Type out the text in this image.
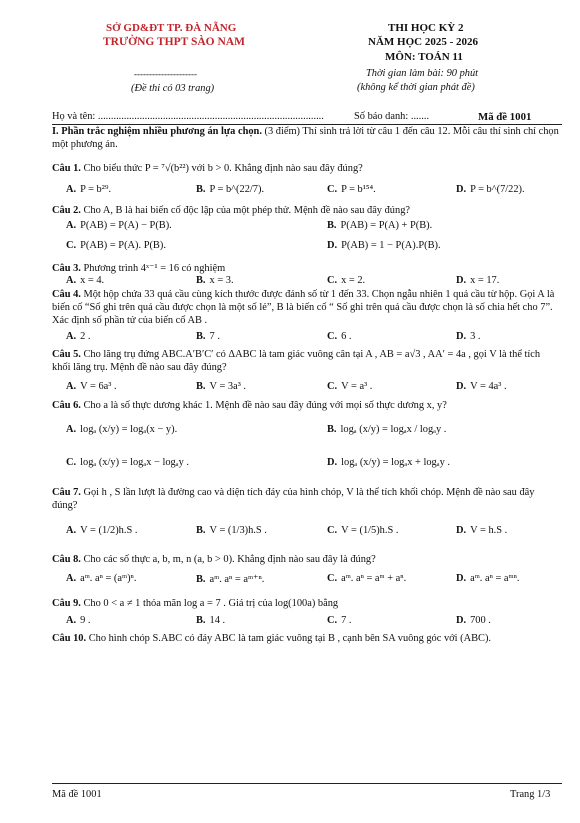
SỞ GD&ĐT TP. ĐÀ NẴNG
TRƯỜNG THPT SÀO NAM
---------------------
(Đề thi có 03 trang)
THI HỌC KỲ 2
NĂM HỌC 2025 - 2026
MÔN: TOÁN 11
Thời gian làm bài: 90 phút
(không kể thời gian phát đề)
Họ và tên: .......................................................................................	Số báo danh: .......	Mã đề 1001
I. Phần trắc nghiệm nhiều phương án lựa chọn. (3 điểm) Thí sinh trả lời từ câu 1 đến câu 12. Mỗi câu thí sinh chỉ chọn một phương án.
Câu 1. Cho biểu thức P = ⁷√(b²²) với b > 0. Khẳng định nào sau đây đúng?
A. P = b²⁹.	B. P = b^(22/7).	C. P = b¹⁵⁴.	D. P = b^(7/22).
Câu 2. Cho A, B là hai biến cố độc lập của một phép thử. Mệnh đề nào sau đây đúng?
A. P(AB) = P(A) − P(B).	B. P(AB) = P(A) + P(B).
C. P(AB) = P(A). P(B).	D. P(AB) = 1 − P(A).P(B).
Câu 3. Phương trình 4ˣ⁻¹ = 16 có nghiệm
A. x = 4.	B. x = 3.	C. x = 2.	D. x = 17.
Câu 4. Một hộp chứa 33 quả cầu cùng kích thước được đánh số từ 1 đến 33. Chọn ngẫu nhiên 1 quả cầu từ hộp. Gọi A là biến cố “Số ghi trên quả cầu được chọn là một số lẻ”, B là biến cố “ Số ghi trên quả cầu được chọn là số chia hết cho 7”. Xác định số phần tử của biến cố AB .
A. 2 .	B. 7 .	C. 6 .	D. 3 .
Câu 5. Cho lăng trụ đứng ABC.A′B′C′ có ΔABC là tam giác vuông cân tại A , AB = a√3 , AA′ = 4a , gọi V là thể tích khối lăng trụ. Mệnh đề nào sau đây đúng?
A. V = 6a³ .	B. V = 3a³ .	C. V = a³ .	D. V = 4a³ .
Câu 6. Cho a là số thực dương khác 1. Mệnh đề nào sau đây đúng với mọi số thực dương x, y?
A. logₐ (x/y) = logₐ(x − y).	B. logₐ (x/y) = logₐx / logₐy .
C. logₐ (x/y) = logₐx − logₐy .	D. logₐ (x/y) = logₐx + logₐy .
Câu 7. Gọi h , S lần lượt là đường cao và diện tích đáy của hình chóp, V là thể tích khối chóp. Mệnh đề nào sau đây đúng?
A. V = (1/2)h.S .	B. V = (1/3)h.S .	C. V = (1/5)h.S .	D. V = h.S .
Câu 8. Cho các số thực a, b, m, n (a, b > 0). Khẳng định nào sau đây là đúng?
A. aᵐ. aⁿ = (aᵐ)ⁿ.	B. aᵐ. aⁿ = aᵐ⁺ⁿ.	C. aᵐ. aⁿ = aᵐ + aⁿ.	D. aᵐ. aⁿ = aᵐⁿ.
Câu 9. Cho 0 < a ≠ 1 thỏa mãn log a = 7 . Giá trị của log(100a) bằng
A. 9 .	B. 14 .	C. 7 .	D. 700 .
Câu 10. Cho hình chóp S.ABC có đáy ABC là tam giác vuông tại B , cạnh bên SA vuông góc với (ABC).
Mã đề 1001	Trang 1/3
